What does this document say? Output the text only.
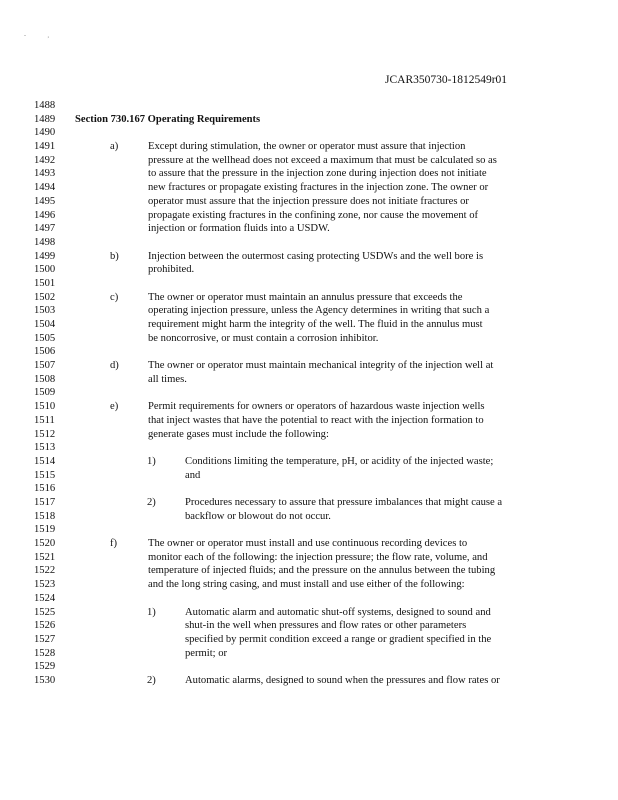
- ,
JCAR350730-1812549r01
1488
1489	Section 730.167 Operating Requirements
1490
1491	a)	Except during stimulation, the owner or operator must assure that injection
1492	pressure at the wellhead does not exceed a maximum that must be calculated so as
1493	to assure that the pressure in the injection zone during injection does not initiate
1494	new fractures or propagate existing fractures in the injection zone. The owner or
1495	operator must assure that the injection pressure does not initiate fractures or
1496	propagate existing fractures in the confining zone, nor cause the movement of
1497	injection or formation fluids into a USDW.
1498
1499	b)	Injection between the outermost casing protecting USDWs and the well bore is
1500	prohibited.
1501
1502	c)	The owner or operator must maintain an annulus pressure that exceeds the
1503	operating injection pressure, unless the Agency determines in writing that such a
1504	requirement might harm the integrity of the well. The fluid in the annulus must
1505	be noncorrosive, or must contain a corrosion inhibitor.
1506
1507	d)	The owner or operator must maintain mechanical integrity of the injection well at
1508	all times.
1509
1510	e)	Permit requirements for owners or operators of hazardous waste injection wells
1511	that inject wastes that have the potential to react with the injection formation to
1512	generate gases must include the following:
1513
1514	1)	Conditions limiting the temperature, pH, or acidity of the injected waste;
1515	and
1516
1517	2)	Procedures necessary to assure that pressure imbalances that might cause a
1518	backflow or blowout do not occur.
1519
1520	f)	The owner or operator must install and use continuous recording devices to
1521	monitor each of the following: the injection pressure; the flow rate, volume, and
1522	temperature of injected fluids; and the pressure on the annulus between the tubing
1523	and the long string casing, and must install and use either of the following:
1524
1525	1)	Automatic alarm and automatic shut-off systems, designed to sound and
1526	shut-in the well when pressures and flow rates or other parameters
1527	specified by permit condition exceed a range or gradient specified in the
1528	permit; or
1529
1530	2)	Automatic alarms, designed to sound when the pressures and flow rates or
